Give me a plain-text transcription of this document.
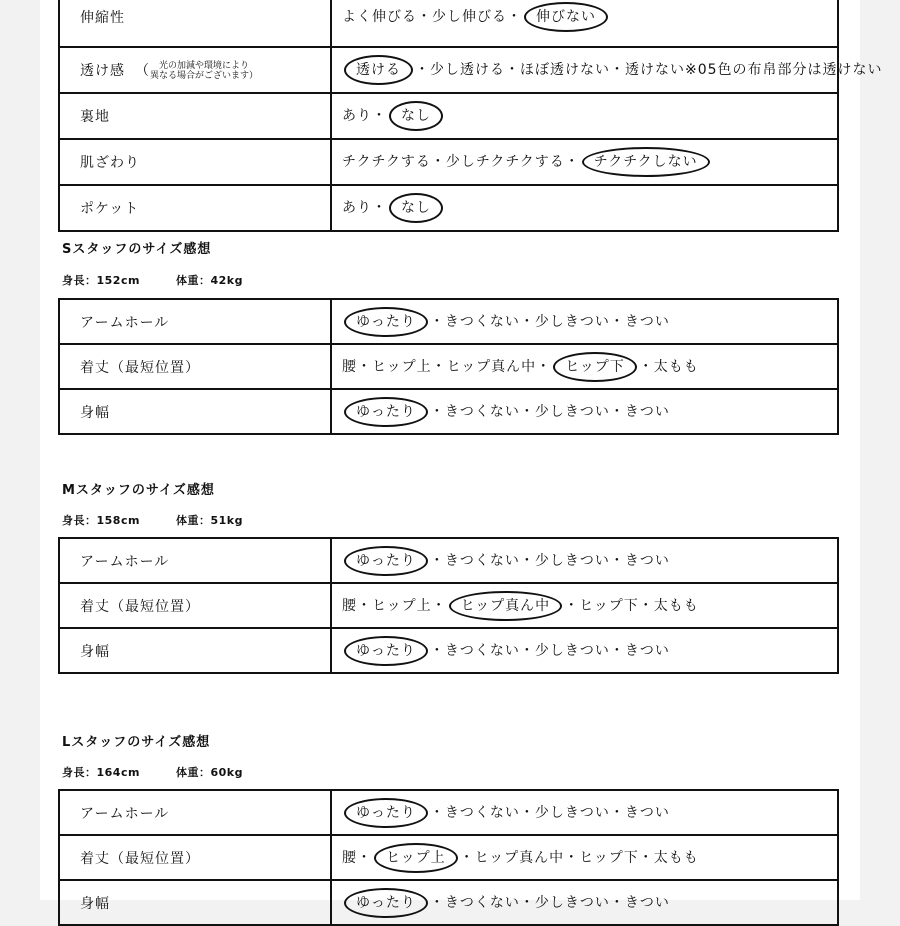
伸縮性	よく伸びる・少し伸びる・ 伸びない
透け感 （ 光の加減や環境により
異なる場合がございます）	透ける ・少し透ける・ほぼ透けない・透けない※05色の布帛部分は透けない
裏地	あり・ なし
肌ざわり	チクチクする・少しチクチクする・ チクチクしない
ポケット	あり・ なし
Sスタッフのサイズ感想
身長：152cm	体重：42kg
アームホール	ゆったり ・きつくない・少しきつい・きつい
着丈（最短位置）	腰・ヒップ上・ヒップ真ん中・ ヒップ下 ・太もも
身幅	ゆったり ・きつくない・少しきつい・きつい
Mスタッフのサイズ感想
身長：158cm	体重：51kg
アームホール	ゆったり ・きつくない・少しきつい・きつい
着丈（最短位置）	腰・ヒップ上・ ヒップ真ん中 ・ヒップ下・太もも
身幅	ゆったり ・きつくない・少しきつい・きつい
Lスタッフのサイズ感想
身長：164cm	体重：60kg
アームホール	ゆったり ・きつくない・少しきつい・きつい
着丈（最短位置）	腰・ ヒップ上 ・ヒップ真ん中・ヒップ下・太もも
身幅	ゆったり ・きつくない・少しきつい・きつい
